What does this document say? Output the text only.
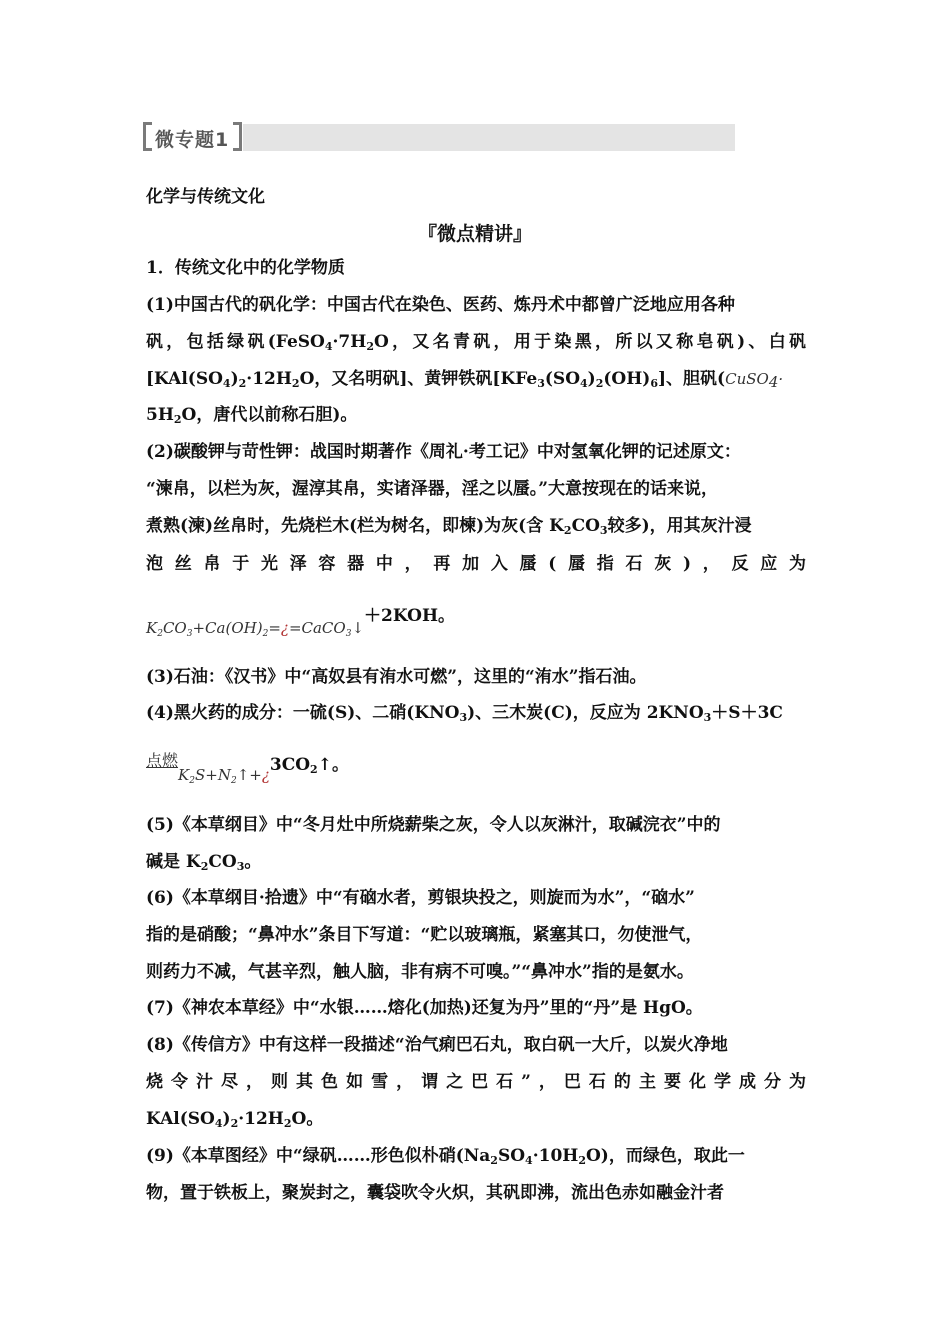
微专题1
化学与传统文化
『微点精讲』
1．传统文化中的化学物质
(1)中国古代的矾化学：中国古代在染色、医药、炼丹术中都曾广泛地应用各种
矾，包括绿矾($FeSO_4\cdot 7H_2O$，又名青矾，用于染黑，所以又称皂矾)、白矾
[$KAl(SO_4)_2\cdot 12H_2O$，又名明矾]、黄钾铁矾$[KFe_3(SO_4)_2(OH)_6]$、胆矾(CuSO$_4$·
$5H_2O$，唐代以前称石胆)。
(2)碳酸钾与苛性钾：战国时期著作《周礼·考工记》中对氢氧化钾的记述原文：
“湅帛，以栏为灰，渥淳其帛，实诸泽器，淫之以蜃。”大意按现在的话来说，
煮熟(湅)丝帛时，先烧栏木(栏为树名，即楝)为灰(含 $K_2CO_3$较多)，用其灰汁浸
泡丝帛于光泽容器中，再加入蜃(蜃指石灰)，反应为
$K_2CO_3+Ca(OH)_2=¿=CaCO_3↓+2KOH$。
(3)石油：《汉书》中“高奴县有洧水可燃”，这里的“洧水”指石油。
(4)黑火药的成分：一硫(S)、二硝$(KNO_3)$、三木炭(C)，反应为 $2KNO_3+S+3C$
点燃$K_2S+N_2↑+¿3CO_2↑$。
(5)《本草纲目》中“冬月灶中所烧薪柴之灰，令人以灰淋汁，取碱浣衣”中的
碱是 $K_2CO_3$。
(6)《本草纲目·拾遗》中“有硇水者，剪银块投之，则旋而为水”，“硇水”
指的是硝酸；“鼻冲水”条目下写道：“贮以玻璃瓶，紧塞其口，勿使泄气，
则药力不减，气甚辛烈，触人脑，非有病不可嗅。”“鼻冲水”指的是氨水。
(7)《神农本草经》中“水银……熔化(加热)还复为丹”里的“丹”是 HgO。
(8)《传信方》中有这样一段描述“治气痢巴石丸，取白矾一大斤，以炭火净地
烧令汁尽，则其色如雪，谓之巴石”，巴石的主要化学成分为
$KAl(SO_4)_2\cdot 12H_2O$。
(9)《本草图经》中“绿矾……形色似朴硝$(Na_2SO_4\cdot 10H_2O)$，而绿色，取此一
物，置于铁板上，聚炭封之，囊袋吹令火炽，其矾即沸，流出色赤如融金汁者
